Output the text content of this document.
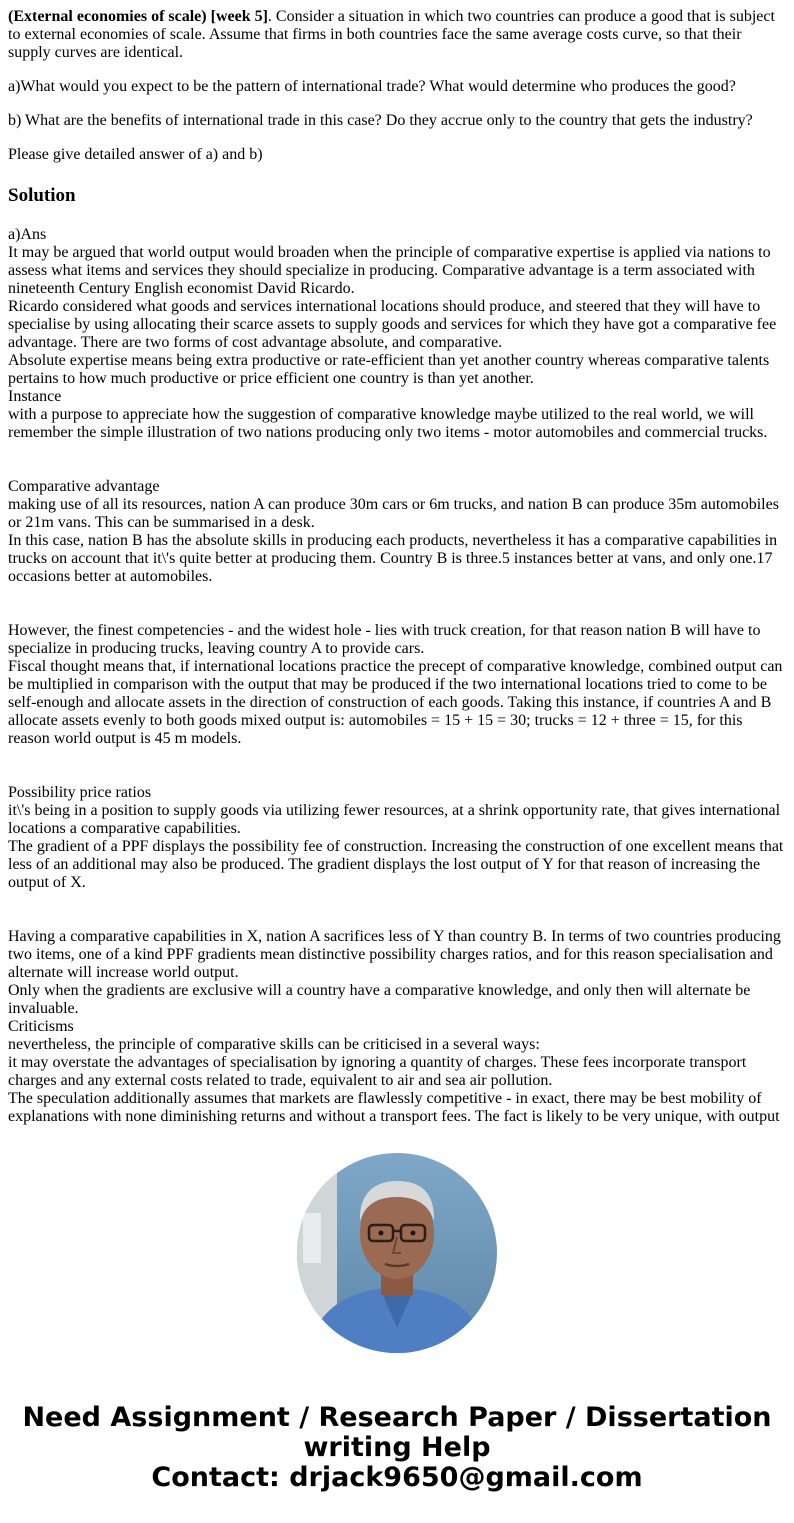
(External economies of scale) [week 5]. Consider a situation in which two countries can produce a good that is subject to external economies of scale. Assume that firms in both countries face the same average costs curve, so that their supply curves are identical.

a)What would you expect to be the pattern of international trade? What would determine who produces the good?

b) What are the benefits of international trade in this case? Do they accrue only to the country that gets the industry?

Please give detailed answer of a) and b)

Solution
a)Ans
It may be argued that world output would broaden when the principle of comparative expertise is applied via nations to assess what items and services they should specialize in producing. Comparative advantage is a term associated with nineteenth Century English economist David Ricardo.
Ricardo considered what goods and services international locations should produce, and steered that they will have to specialise by using allocating their scarce assets to supply goods and services for which they have got a comparative fee advantage. There are two forms of cost advantage absolute, and comparative.
Absolute expertise means being extra productive or rate-efficient than yet another country whereas comparative talents pertains to how much productive or price efficient one country is than yet another.
Instance
with a purpose to appreciate how the suggestion of comparative knowledge maybe utilized to the real world, we will remember the simple illustration of two nations producing only two items - motor automobiles and commercial trucks.
Comparative advantage
making use of all its resources, nation A can produce 30m cars or 6m trucks, and nation B can produce 35m automobiles or 21m vans. This can be summarised in a desk.
In this case, nation B has the absolute skills in producing each products, nevertheless it has a comparative capabilities in trucks on account that it\'s quite better at producing them. Country B is three.5 instances better at vans, and only one.17 occasions better at automobiles.
However, the finest competencies - and the widest hole - lies with truck creation, for that reason nation B will have to specialize in producing trucks, leaving country A to provide cars.
Fiscal thought means that, if international locations practice the precept of comparative knowledge, combined output can be multiplied in comparison with the output that may be produced if the two international locations tried to come to be self-enough and allocate assets in the direction of construction of each goods. Taking this instance, if countries A and B allocate assets evenly to both goods mixed output is: automobiles = 15 + 15 = 30; trucks = 12 + three = 15, for this reason world output is 45 m models.
Possibility price ratios
it\'s being in a position to supply goods via utilizing fewer resources, at a shrink opportunity rate, that gives international locations a comparative capabilities.
The gradient of a PPF displays the possibility fee of construction. Increasing the construction of one excellent means that less of an additional may also be produced. The gradient displays the lost output of Y for that reason of increasing the output of X.
Having a comparative capabilities in X, nation A sacrifices less of Y than country B. In terms of two countries producing two items, one of a kind PPF gradients mean distinctive possibility charges ratios, and for this reason specialisation and alternate will increase world output.
Only when the gradients are exclusive will a country have a comparative knowledge, and only then will alternate be invaluable.
Criticisms
nevertheless, the principle of comparative skills can be criticised in a several ways:
it may overstate the advantages of specialisation by ignoring a quantity of charges. These fees incorporate transport charges and any external costs related to trade, equivalent to air and sea air pollution.
The speculation additionally assumes that markets are flawlessly competitive - in exact, there may be best mobility of explanations with none diminishing returns and without a transport fees. The fact is likely to be very unique, with output
Need Assignment / Research Paper / Dissertation
writing Help
Contact: drjack9650@gmail.com
